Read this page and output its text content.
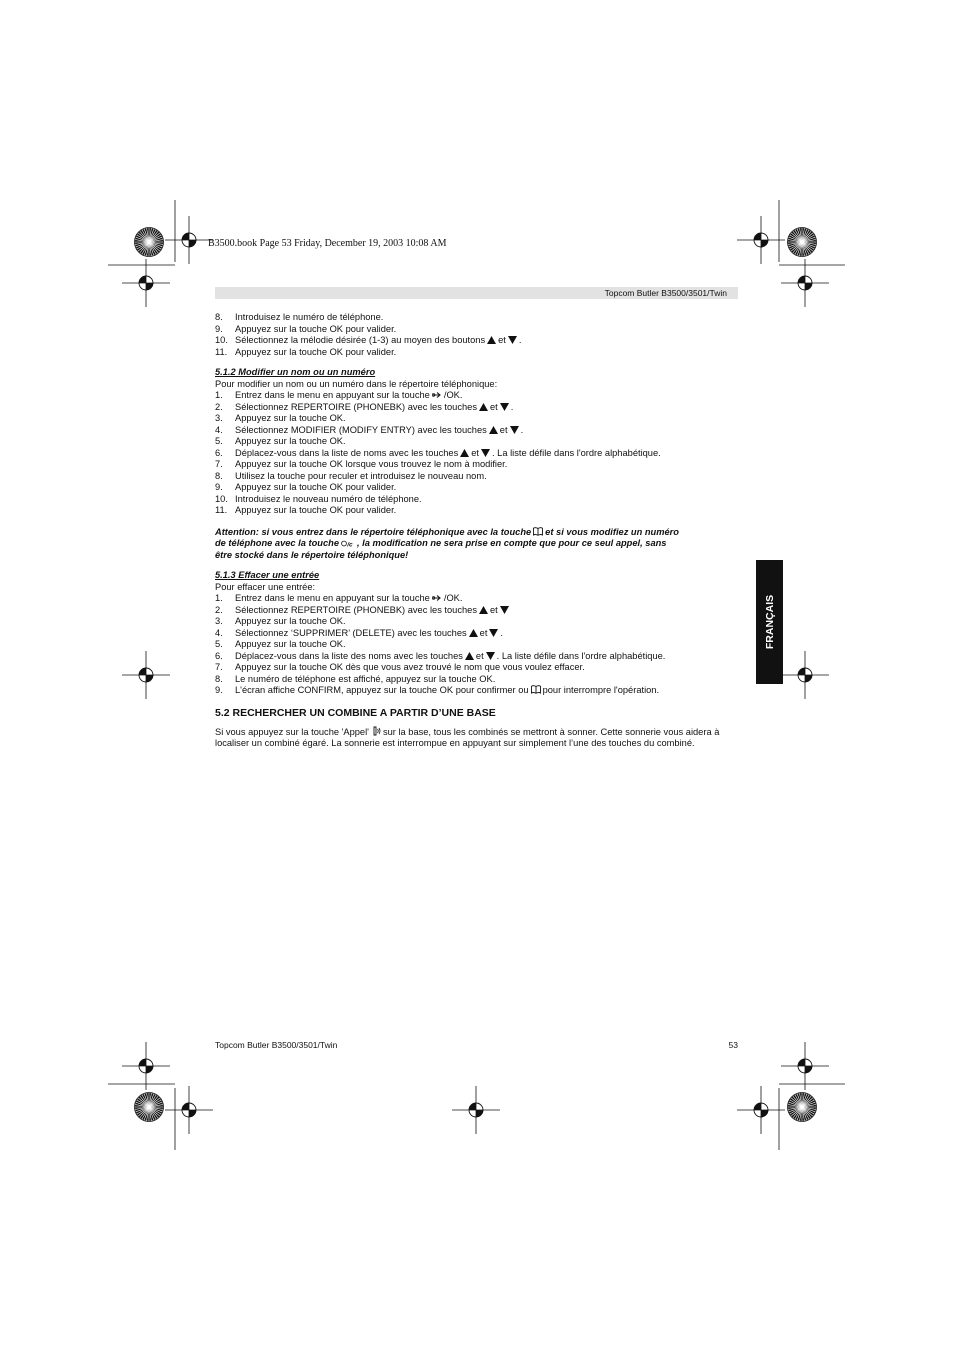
B3500.book Page 53 Friday, December 19, 2003 10:08 AM
Topcom Butler B3500/3501/Twin
8. Introduisez le numéro de téléphone.
9. Appuyez sur la touche OK pour valider.
10. Sélectionnez la mélodie désirée (1-3) au moyen des boutons et .
11. Appuyez sur la touche OK pour valider.
5.1.2 Modifier un nom ou un numéro
Pour modifier un nom ou un numéro dans le répertoire téléphonique:
1. Entrez dans le menu en appuyant sur la touche /OK.
2. Sélectionnez REPERTOIRE (PHONEBK) avec les touches et .
3. Appuyez sur la touche OK.
4. Sélectionnez MODIFIER (MODIFY ENTRY) avec les touches et .
5. Appuyez sur la touche OK.
6. Déplacez-vous dans la liste de noms avec les touches et . La liste défile dans l'ordre alphabétique.
7. Appuyez sur la touche OK lorsque vous trouvez le nom à modifier.
8. Utilisez la touche pour reculer et introduisez le nouveau nom.
9. Appuyez sur la touche OK pour valider.
10. Introduisez le nouveau numéro de téléphone.
11. Appuyez sur la touche OK pour valider.
Attention: si vous entrez dans le répertoire téléphonique avec la touche et si vous modifiez un numéro
de téléphone avec la touche /c , la modification ne sera prise en compte que pour ce seul appel, sans
être stocké dans le répertoire téléphonique!
5.1.3 Effacer une entrée
Pour effacer une entrée:
1. Entrez dans le menu en appuyant sur la touche /OK.
2. Sélectionnez REPERTOIRE (PHONEBK) avec les touches et
3. Appuyez sur la touche OK.
4. Sélectionnez ‘SUPPRIMER’ (DELETE) avec les touches et .
5. Appuyez sur la touche OK.
6. Déplacez-vous dans la liste des noms avec les touches et . La liste défile dans l'ordre alphabétique.
7. Appuyez sur la touche OK dès que vous avez trouvé le nom que vous voulez effacer.
8. Le numéro de téléphone est affiché, appuyez sur la touche OK.
9. L'écran affiche CONFIRM, appuyez sur la touche OK pour confirmer ou pour interrompre l'opération.
5.2 RECHERCHER UN COMBINE A PARTIR D’UNE BASE
Si vous appuyez sur la touche 'Appel' sur la base, tous les combinés se mettront à sonner. Cette sonnerie vous aidera à localiser un combiné égaré. La sonnerie est interrompue en appuyant sur simplement l’une des touches du combiné.
FRANÇAIS
Topcom Butler B3500/3501/Twin	53
